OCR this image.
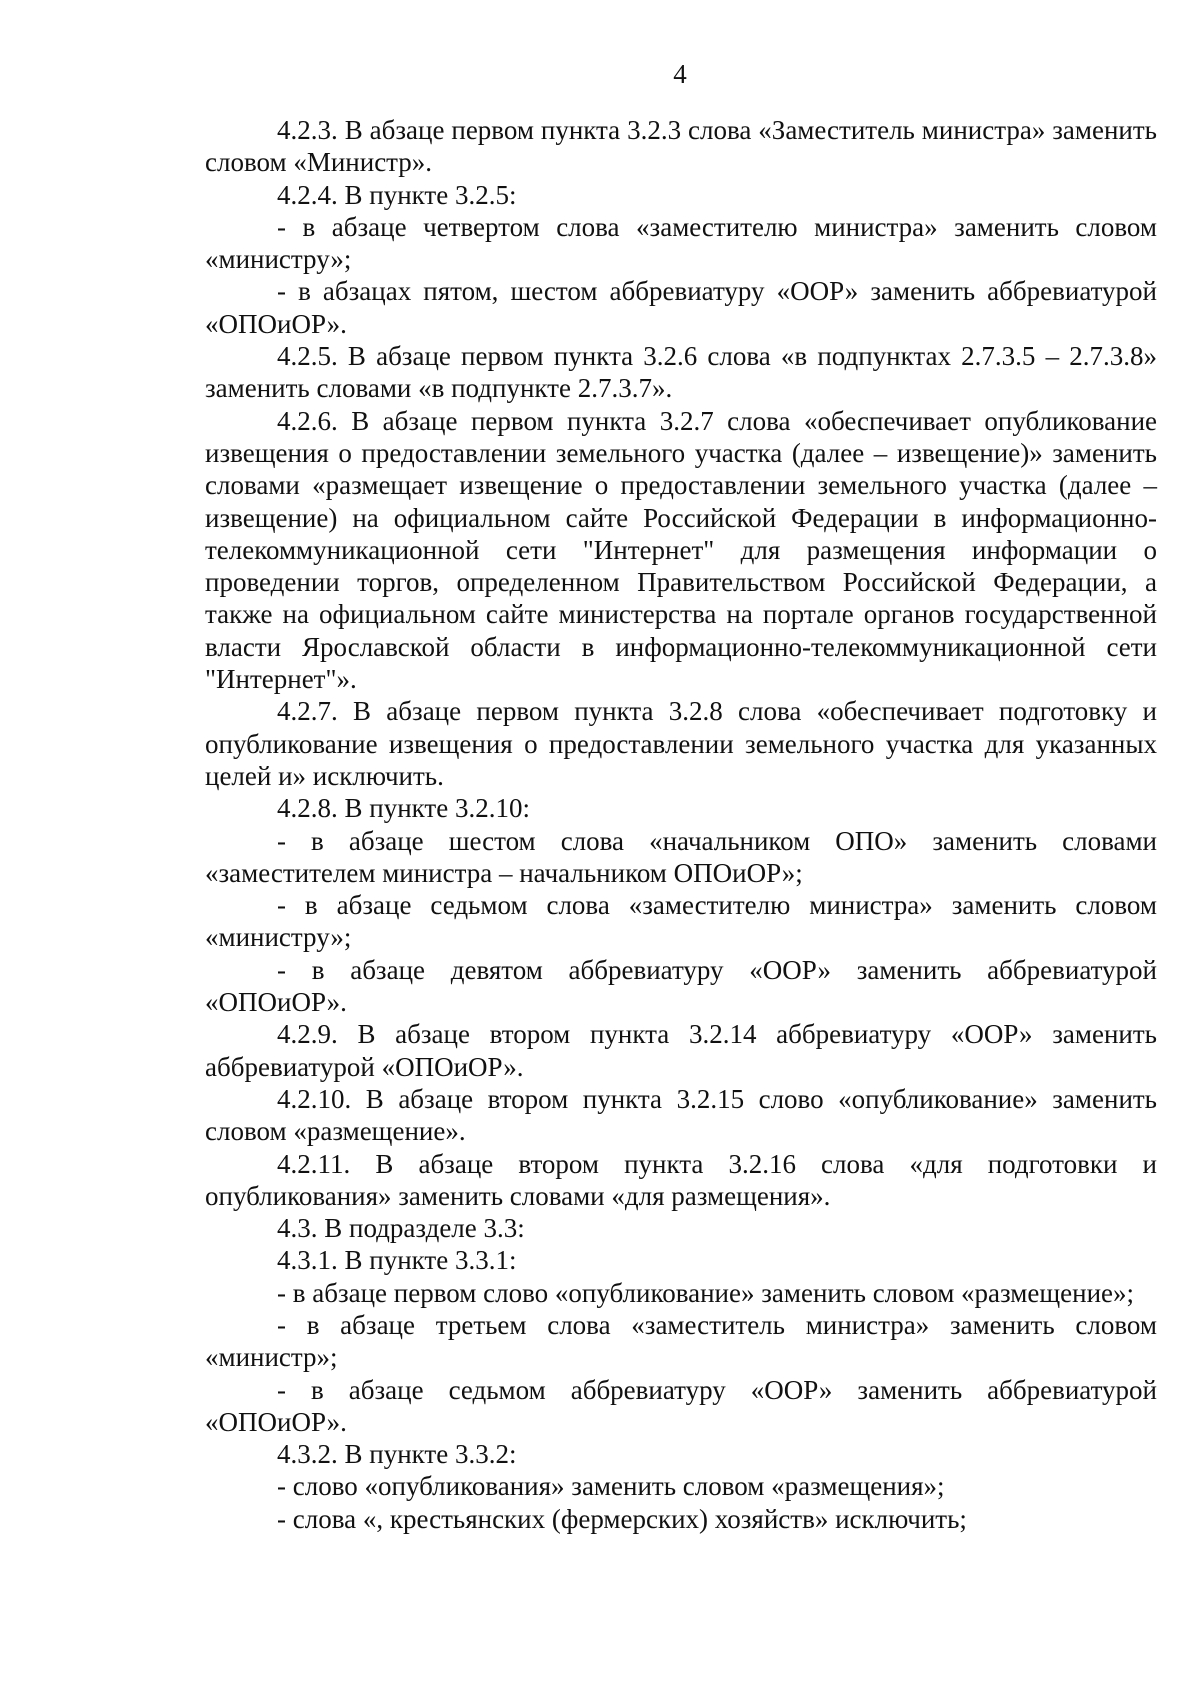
4

4.2.3. В абзаце первом пункта 3.2.3 слова «Заместитель министра» заменить словом «Министр».

4.2.4. В пункте 3.2.5:

- в абзаце четвертом слова «заместителю министра» заменить словом «министру»;

- в абзацах пятом, шестом аббревиатуру «ООР» заменить аббревиатурой «ОПОиОР».

4.2.5. В абзаце первом пункта 3.2.6 слова «в подпунктах 2.7.3.5 – 2.7.3.8» заменить словами «в подпункте 2.7.3.7».

4.2.6. В абзаце первом пункта 3.2.7 слова «обеспечивает опубликование извещения о предоставлении земельного участка (далее – извещение)» заменить словами «размещает извещение о предоставлении земельного участка (далее – извещение) на официальном сайте Российской Федерации в информационно-телекоммуникационной сети "Интернет" для размещения информации о проведении торгов, определенном Правительством Российской Федерации, а также на официальном сайте министерства на портале органов государственной власти Ярославской области в информационно-телекоммуникационной сети "Интернет"».

4.2.7. В абзаце первом пункта 3.2.8 слова «обеспечивает подготовку и опубликование извещения о предоставлении земельного участка для указанных целей и» исключить.

4.2.8. В пункте 3.2.10:

- в абзаце шестом слова «начальником ОПО» заменить словами «заместителем министра – начальником ОПОиОР»;

- в абзаце седьмом слова «заместителю министра» заменить словом «министру»;

- в абзаце девятом аббревиатуру «ООР» заменить аббревиатурой «ОПОиОР».

4.2.9. В абзаце втором пункта 3.2.14 аббревиатуру «ООР» заменить аббревиатурой «ОПОиОР».

4.2.10. В абзаце втором пункта 3.2.15 слово «опубликование» заменить словом «размещение».

4.2.11. В абзаце втором пункта 3.2.16 слова «для подготовки и опубликования» заменить словами «для размещения».

4.3. В подразделе 3.3:

4.3.1. В пункте 3.3.1:

- в абзаце первом слово «опубликование» заменить словом «размещение»;

- в абзаце третьем слова «заместитель министра» заменить словом «министр»;

- в абзаце седьмом аббревиатуру «ООР» заменить аббревиатурой «ОПОиОР».

4.3.2. В пункте 3.3.2:

- слово «опубликования» заменить словом «размещения»;

- слова «, крестьянских (фермерских) хозяйств» исключить;
